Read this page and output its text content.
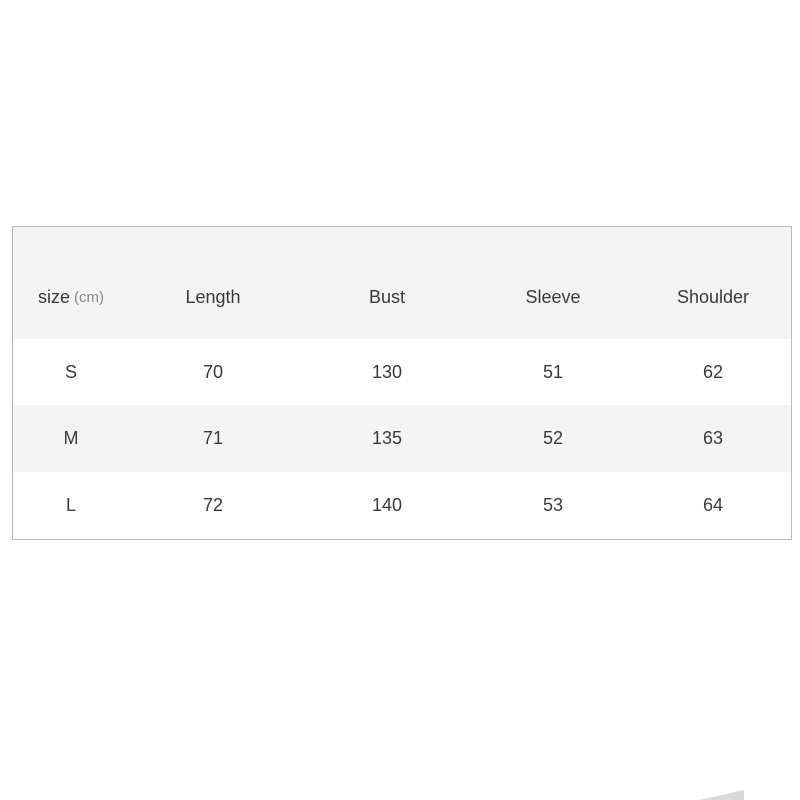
size (cm)	Length	Bust	Sleeve	Shoulder
S	70	130	51	62
M	71	135	52	63
L	72	140	53	64
